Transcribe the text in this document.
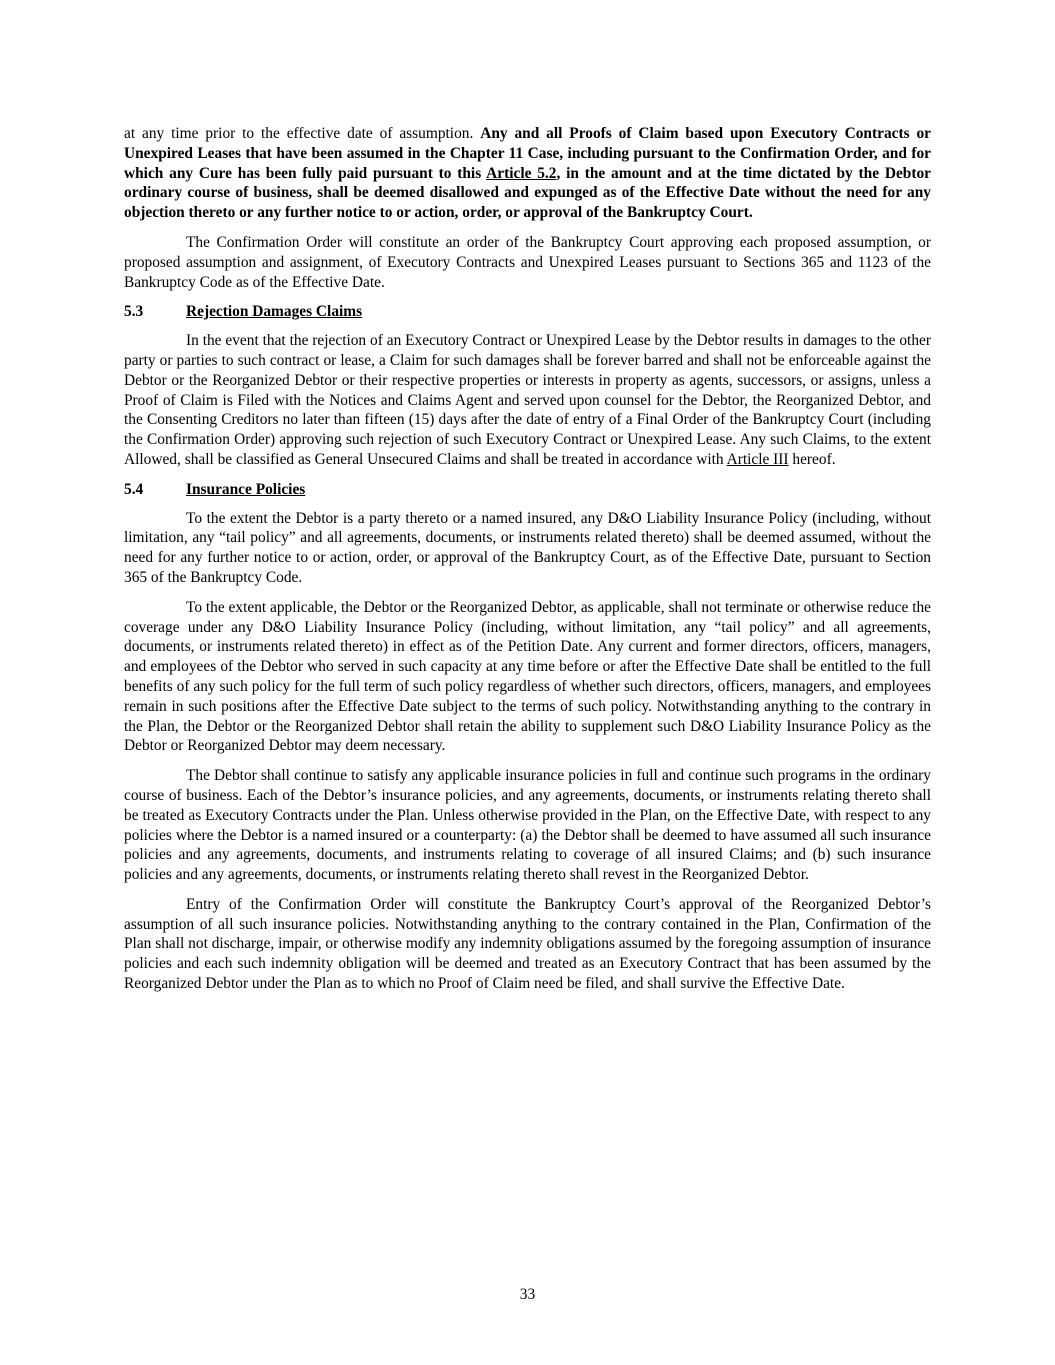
at any time prior to the effective date of assumption. Any and all Proofs of Claim based upon Executory Contracts or Unexpired Leases that have been assumed in the Chapter 11 Case, including pursuant to the Confirmation Order, and for which any Cure has been fully paid pursuant to this Article 5.2, in the amount and at the time dictated by the Debtor ordinary course of business, shall be deemed disallowed and expunged as of the Effective Date without the need for any objection thereto or any further notice to or action, order, or approval of the Bankruptcy Court.

The Confirmation Order will constitute an order of the Bankruptcy Court approving each proposed assumption, or proposed assumption and assignment, of Executory Contracts and Unexpired Leases pursuant to Sections 365 and 1123 of the Bankruptcy Code as of the Effective Date.

5.3	Rejection Damages Claims

In the event that the rejection of an Executory Contract or Unexpired Lease by the Debtor results in damages to the other party or parties to such contract or lease, a Claim for such damages shall be forever barred and shall not be enforceable against the Debtor or the Reorganized Debtor or their respective properties or interests in property as agents, successors, or assigns, unless a Proof of Claim is Filed with the Notices and Claims Agent and served upon counsel for the Debtor, the Reorganized Debtor, and the Consenting Creditors no later than fifteen (15) days after the date of entry of a Final Order of the Bankruptcy Court (including the Confirmation Order) approving such rejection of such Executory Contract or Unexpired Lease. Any such Claims, to the extent Allowed, shall be classified as General Unsecured Claims and shall be treated in accordance with Article III hereof.

5.4	Insurance Policies

To the extent the Debtor is a party thereto or a named insured, any D&O Liability Insurance Policy (including, without limitation, any “tail policy” and all agreements, documents, or instruments related thereto) shall be deemed assumed, without the need for any further notice to or action, order, or approval of the Bankruptcy Court, as of the Effective Date, pursuant to Section 365 of the Bankruptcy Code.

To the extent applicable, the Debtor or the Reorganized Debtor, as applicable, shall not terminate or otherwise reduce the coverage under any D&O Liability Insurance Policy (including, without limitation, any “tail policy” and all agreements, documents, or instruments related thereto) in effect as of the Petition Date. Any current and former directors, officers, managers, and employees of the Debtor who served in such capacity at any time before or after the Effective Date shall be entitled to the full benefits of any such policy for the full term of such policy regardless of whether such directors, officers, managers, and employees remain in such positions after the Effective Date subject to the terms of such policy. Notwithstanding anything to the contrary in the Plan, the Debtor or the Reorganized Debtor shall retain the ability to supplement such D&O Liability Insurance Policy as the Debtor or Reorganized Debtor may deem necessary.

The Debtor shall continue to satisfy any applicable insurance policies in full and continue such programs in the ordinary course of business. Each of the Debtor’s insurance policies, and any agreements, documents, or instruments relating thereto shall be treated as Executory Contracts under the Plan. Unless otherwise provided in the Plan, on the Effective Date, with respect to any policies where the Debtor is a named insured or a counterparty: (a) the Debtor shall be deemed to have assumed all such insurance policies and any agreements, documents, and instruments relating to coverage of all insured Claims; and (b) such insurance policies and any agreements, documents, or instruments relating thereto shall revest in the Reorganized Debtor.

Entry of the Confirmation Order will constitute the Bankruptcy Court’s approval of the Reorganized Debtor’s assumption of all such insurance policies. Notwithstanding anything to the contrary contained in the Plan, Confirmation of the Plan shall not discharge, impair, or otherwise modify any indemnity obligations assumed by the foregoing assumption of insurance policies and each such indemnity obligation will be deemed and treated as an Executory Contract that has been assumed by the Reorganized Debtor under the Plan as to which no Proof of Claim need be filed, and shall survive the Effective Date.

33
